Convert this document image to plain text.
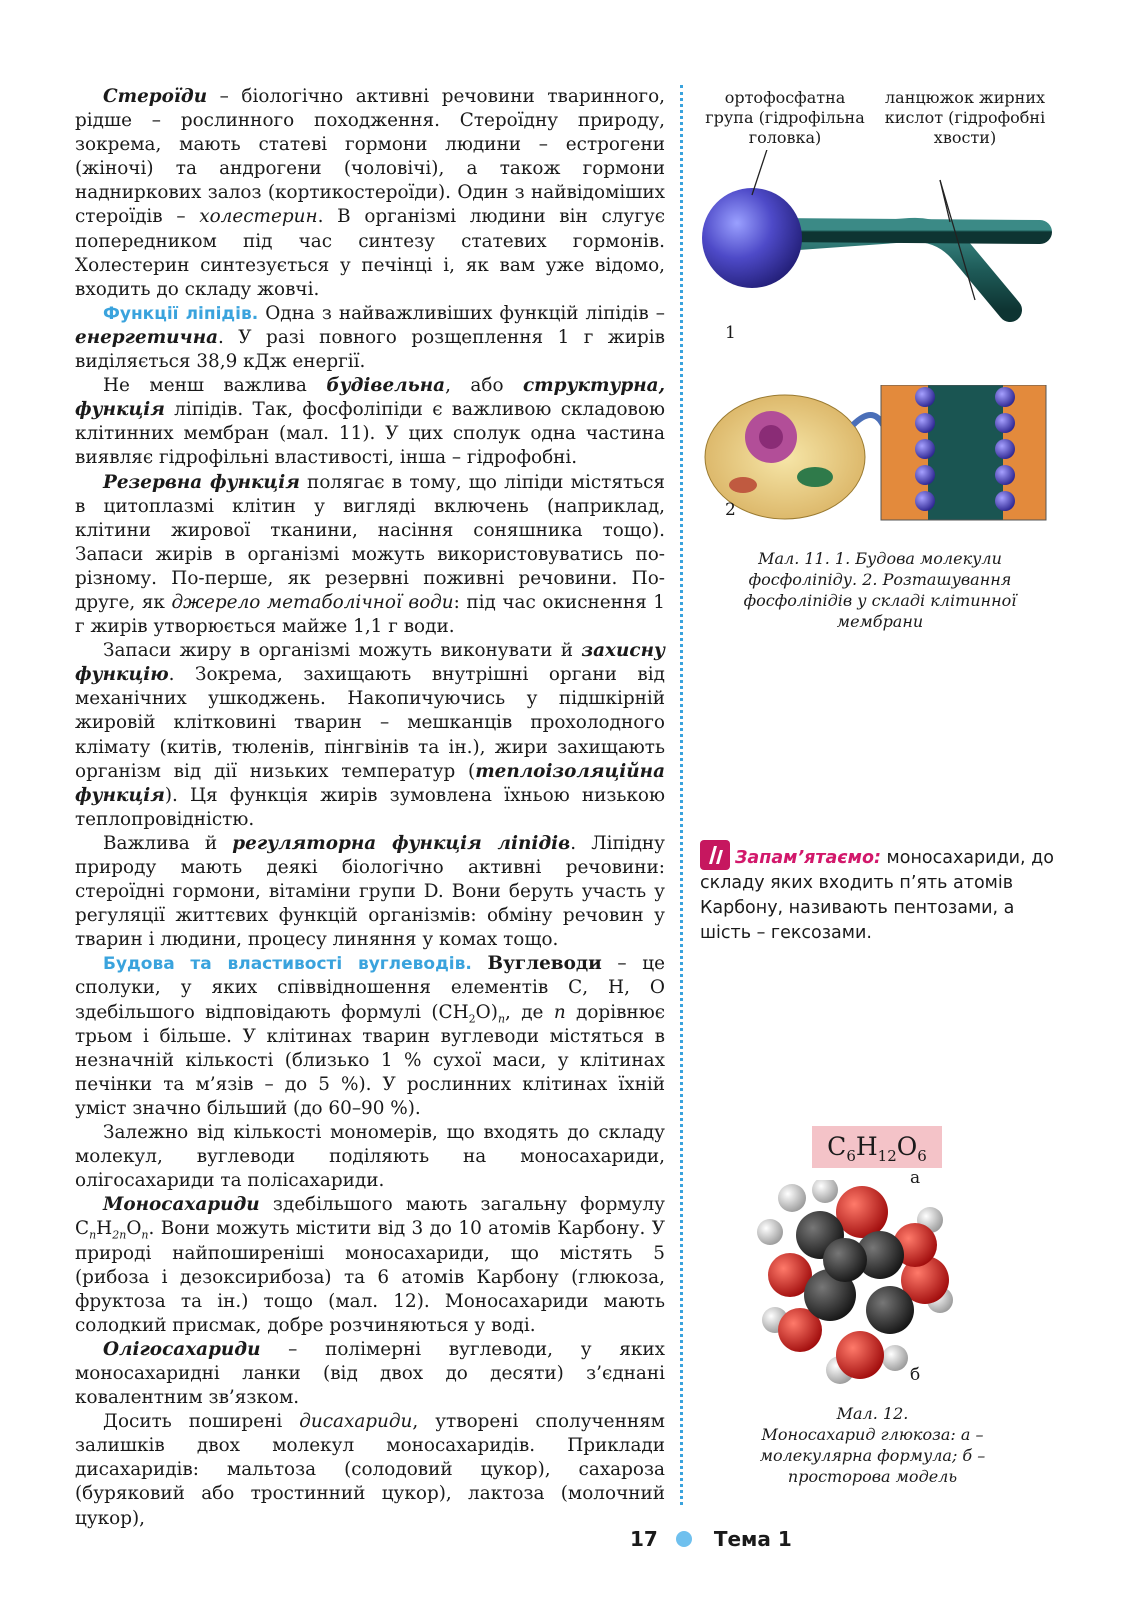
Стероїди – біологічно активні речовини тваринного, рідше – рослинного походження. Стероїдну природу, зокрема, мають статеві гормони людини – естрогени (жіночі) та андрогени (чоловічі), а також гормони надниркових залоз (кортикостероїди). Один з найвідоміших стероїдів – холестерин. В організмі людини він слугує попередником під час синтезу статевих гормонів. Холестерин синтезується у печінці і, як вам уже відомо, входить до складу жовчі.

Функції ліпідів. Одна з найважливіших функцій ліпідів – енергетична. У разі повного розщеплення 1 г жирів виділяється 38,9 кДж енергії.

Не менш важлива будівельна, або структурна, функція ліпідів. Так, фосфоліпіди є важливою складовою клітинних мембран (мал. 11). У цих сполук одна частина виявляє гідрофільні властивості, інша – гідрофобні.

Резервна функція полягає в тому, що ліпіди містяться в цитоплазмі клітин у вигляді включень (наприклад, клітини жирової тканини, насіння соняшника тощо). Запаси жирів в організмі можуть використовуватись по-різному. По-перше, як резервні поживні речовини. По-друге, як джерело метаболічної води: під час окиснення 1 г жирів утворюється майже 1,1 г води.

Запаси жиру в організмі можуть виконувати й захисну функцію. Зокрема, захищають внутрішні органи від механічних ушкоджень. Накопичуючись у підшкірній жировій клітковині тварин – мешканців прохолодного клімату (китів, тюленів, пінгвінів та ін.), жири захищають організм від дії низьких температур (теплоізоляційна функція). Ця функція жирів зумовлена їхньою низькою теплопровідністю.

Важлива й регуляторна функція ліпідів. Ліпідну природу мають деякі біологічно активні речовини: стероїдні гормони, вітаміни групи D. Вони беруть участь у регуляції життєвих функцій організмів: обміну речовин у тварин і людини, процесу линяння у комах тощо.

Будова та властивості вуглеводів. Вуглеводи – це сполуки, у яких співвідношення елементів С, Н, О здебільшого відповідають формулі $(СН_2О)_n$, де n дорівнює трьом і більше. У клітинах тварин вуглеводи містяться в незначній кількості (близько 1 % сухої маси, у клітинах печінки та м’язів – до 5 %). У рослинних клітинах їхній уміст значно більший (до 60–90 %).

Залежно від кількості мономерів, що входять до складу молекул, вуглеводи поділяють на моносахариди, олігосахариди та полісахариди.

Моносахариди здебільшого мають загальну формулу $C_nH_{2n}O_n$. Вони можуть містити від 3 до 10 атомів Карбону. У природі найпоширеніші моносахариди, що містять 5 (рибоза і дезоксирибоза) та 6 атомів Карбону (глюкоза, фруктоза та ін.) тощо (мал. 12). Моносахариди мають солодкий присмак, добре розчиняються у воді.

Олігосахариди – полімерні вуглеводи, у яких моносахаридні ланки (від двох до десяти) з’єднані ковалентним зв’язком.

Досить поширені дисахариди, утворені сполученням залишків двох молекул моносахаридів. Приклади дисахаридів: мальтоза (солодовий цукор), сахароза (буряковий або тростинний цукор), лактоза (молочний цукор),

ортофосфатна група (гідрофільна головка)
ланцюжок жирних кислот (гідрофобні хвости)
1
2
Мал. 11. 1. Будова молекули фосфоліпіду. 2. Розташування фосфоліпідів у складі клітинної мембрани
Запам’ятаємо: моносахариди, до складу яких входить п’ять атомів Карбону, називають пентозами, а шість – гексозами.
$C_6H_{12}O_6$
а
б
Мал. 12.
Моносахарид глюкоза: а – молекулярна формула; б – просторова модель
17	Тема 1
